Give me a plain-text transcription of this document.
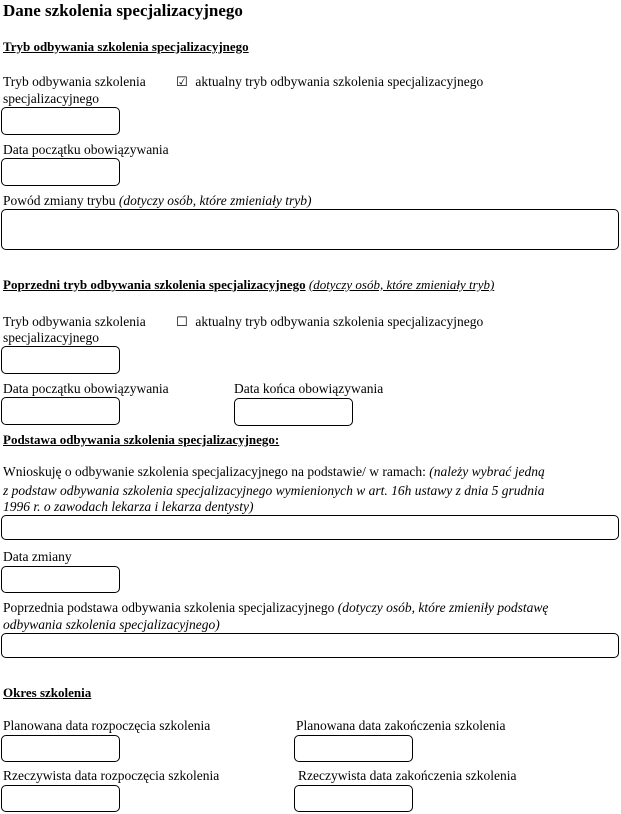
Dane szkolenia specjalizacyjnego
Tryb odbywania szkolenia specjalizacyjnego
Tryb odbywania szkolenia
specjalizacyjnego
☑ aktualny tryb odbywania szkolenia specjalizacyjnego
Data początku obowiązywania
Powód zmiany trybu (dotyczy osób, które zmieniały tryb)
Poprzedni tryb odbywania szkolenia specjalizacyjnego (dotyczy osób, które zmieniały tryb)
Tryb odbywania szkolenia
specjalizacyjnego
☐ aktualny tryb odbywania szkolenia specjalizacyjnego
Data początku obowiązywania	Data końca obowiązywania
Podstawa odbywania szkolenia specjalizacyjnego:
Wnioskuję o odbywanie szkolenia specjalizacyjnego na podstawie/ w ramach: (należy wybrać jedną
z podstaw odbywania szkolenia specjalizacyjnego wymienionych w art. 16h ustawy z dnia 5 grudnia
1996 r. o zawodach lekarza i lekarza dentysty)
Data zmiany
Poprzednia podstawa odbywania szkolenia specjalizacyjnego (dotyczy osób, które zmieniły podstawę
odbywania szkolenia specjalizacyjnego)
Okres szkolenia
Planowana data rozpoczęcia szkolenia	Planowana data zakończenia szkolenia
Rzeczywista data rozpoczęcia szkolenia	Rzeczywista data zakończenia szkolenia
